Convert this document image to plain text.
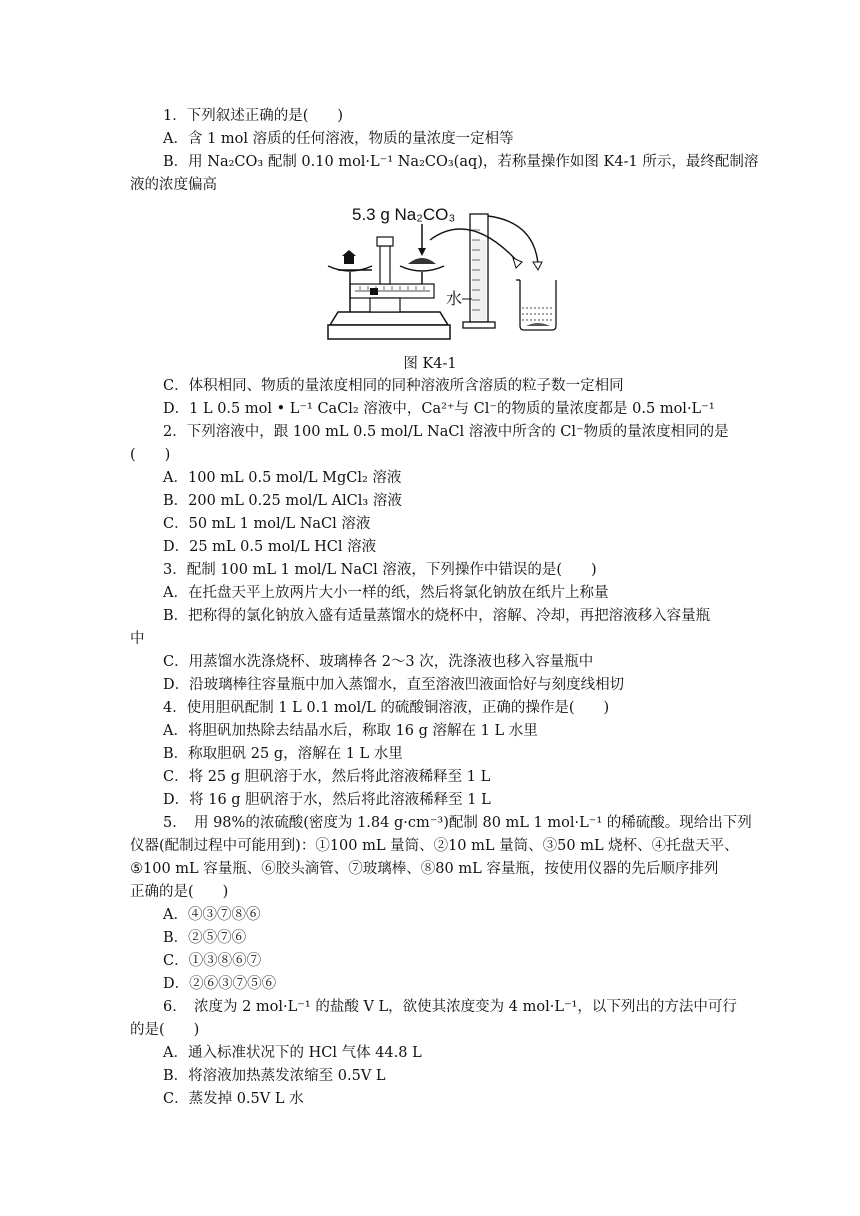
1．下列叙述正确的是(　　)
A．含 1 mol 溶质的任何溶液，物质的量浓度一定相等
B．用 Na₂CO₃ 配制 0.10 mol·L⁻¹ Na₂CO₃(aq)，若称量操作如图 K4-1 所示，最终配制溶
液的浓度偏高
5.3 g Na₂CO₃
水
图 K4-1
C．体积相同、物质的量浓度相同的同种溶液所含溶质的粒子数一定相同
D．1 L 0.5 mol • L⁻¹ CaCl₂ 溶液中，Ca²⁺与 Cl⁻的物质的量浓度都是 0.5 mol·L⁻¹
2．下列溶液中，跟 100 mL 0.5 mol/L NaCl 溶液中所含的 Cl⁻物质的量浓度相同的是
(　　)
A．100 mL 0.5 mol/L MgCl₂ 溶液
B．200 mL 0.25 mol/L AlCl₃ 溶液
C．50 mL 1 mol/L NaCl 溶液
D．25 mL 0.5 mol/L HCl 溶液
3．配制 100 mL 1 mol/L NaCl 溶液，下列操作中错误的是(　　)
A．在托盘天平上放两片大小一样的纸，然后将氯化钠放在纸片上称量
B．把称得的氯化钠放入盛有适量蒸馏水的烧杯中，溶解、冷却，再把溶液移入容量瓶
中
C．用蒸馏水洗涤烧杯、玻璃棒各 2～3 次，洗涤液也移入容量瓶中
D．沿玻璃棒往容量瓶中加入蒸馏水，直至溶液凹液面恰好与刻度线相切
4．使用胆矾配制 1 L 0.1 mol/L 的硫酸铜溶液，正确的操作是(　　)
A．将胆矾加热除去结晶水后，称取 16 g 溶解在 1 L 水里
B．称取胆矾 25 g，溶解在 1 L 水里
C．将 25 g 胆矾溶于水，然后将此溶液稀释至 1 L
D．将 16 g 胆矾溶于水，然后将此溶液稀释至 1 L
5．　用 98%的浓硫酸(密度为 1.84 g·cm⁻³)配制 80 mL 1 mol·L⁻¹ 的稀硫酸。现给出下列
仪器(配制过程中可能用到)：①100 mL 量筒、②10 mL 量筒、③50 mL 烧杯、④托盘天平、
⑤100 mL 容量瓶、⑥胶头滴管、⑦玻璃棒、⑧80 mL 容量瓶，按使用仪器的先后顺序排列
正确的是(　　)
A．④③⑦⑧⑥
B．②⑤⑦⑥
C．①③⑧⑥⑦
D．②⑥③⑦⑤⑥
6．　浓度为 2 mol·L⁻¹ 的盐酸 V L，欲使其浓度变为 4 mol·L⁻¹，以下列出的方法中可行
的是(　　)
A．通入标准状况下的 HCl 气体 44.8 L
B．将溶液加热蒸发浓缩至 0.5V L
C．蒸发掉 0.5V L 水
